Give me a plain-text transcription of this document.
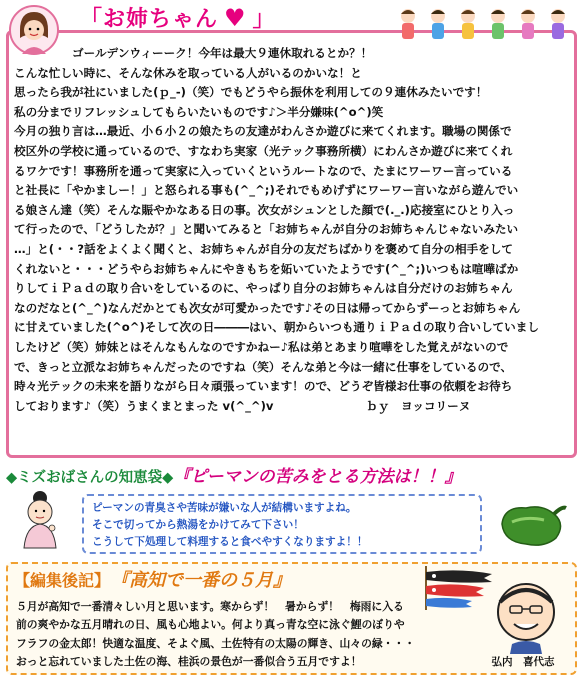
「お姉ちゃん ♥ 」

ゴールデンウィーーク！今年は最大９連休取れるとか？！

こんな忙しい時に、そんな休みを取っている人がいるのかいな！と

思ったら我が社にいました(ｐ_-)（笑）でもどうやら振休を利用しての９連休みたいです！

私の分までリフレッシュしてもらいたいものです♪＞半分嫌味(^o^)笑

今月の独り言は…最近、小６小２の娘たちの友達がわんさか遊びに来てくれます。職場の関係で

校区外の学校に通っているので、すなわち実家（光テック事務所横）にわんさか遊びに来てくれ

るワケです！事務所を通って実家に入っていくというルートなので、たまにワーワー言っている

と社長に「やかましー！」と怒られる事も(^_^;)それでもめげずにワーワー言いながら遊んでい

る娘さん達（笑）そんな賑やかなある日の事。次女がシュンとした顔で(._.)応接室にひとり入っ

て行ったので、「どうしたが？」と聞いてみると「お姉ちゃんが自分のお姉ちゃんじゃないみたい

…」と(・・?話をよくよく聞くと、お姉ちゃんが自分の友だちばかりを褒めて自分の相手をして

くれないと・・・どうやらお姉ちゃんにやきもちを妬いていたようです(^_^;)いつもは喧嘩ばか

りしてｉＰａｄの取り合いをしているのに、やっぱり自分のお姉ちゃんは自分だけのお姉ちゃん

なのだなと(^_^)なんだかとても次女が可愛かったです♪その日は帰ってからずーっとお姉ちゃん

に甘えていました(^o^)そして次の日―――はい、朝からいつも通りｉＰａｄの取り合いしていまし

したけど（笑）姉妹とはそんなもんなのですかねー♪私は弟とあまり喧嘩をした覚えがないので

で、きっと立派なお姉ちゃんだったのですね（笑）そんな弟と今は一緒に仕事をしているので、

時々光テックの未来を語りながら日々頑張っています！ので、どうぞ皆様お仕事の依頼をお待ち

しております♪（笑）うまくまとまった v(^_^)v　　　　　　　　ｂｙ　ヨッコリーヌ

◆ミズおばさんの知恵袋◆『ピーマンの苦みをとる方法は！！』

ピーマンの青臭さや苦味が嫌いな人が結構いますよね。

そこで切ってから熱湯をかけてみて下さい！

こうして下処理して料理すると食べやすくなりますよ！！

【編集後記】 『高知で一番の５月』

５月が高知で一番清々しい月と思います。寒からず！　暑からず！　梅雨に入る

前の爽やかな五月晴れの日、風も心地よい。何より真っ青な空に泳ぐ鯉のぼりや

フラフの金太郎！快適な温度、そよぐ風、土佐特有の太陽の輝き、山々の緑・・・

おっと忘れていました土佐の海、桂浜の景色が一番似合う五月ですよ！	弘内　喜代志
